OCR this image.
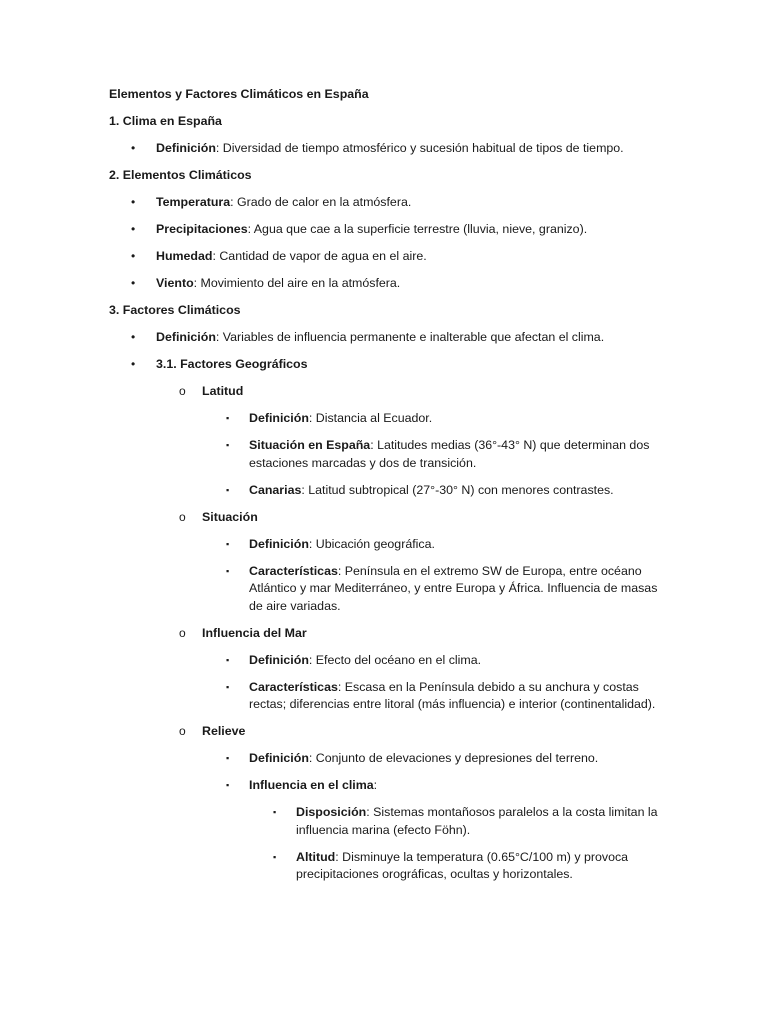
Elementos y Factores Climáticos en España
1. Clima en España
• Definición: Diversidad de tiempo atmosférico y sucesión habitual de tipos de tiempo.
2. Elementos Climáticos
• Temperatura: Grado de calor en la atmósfera.
• Precipitaciones: Agua que cae a la superficie terrestre (lluvia, nieve, granizo).
• Humedad: Cantidad de vapor de agua en el aire.
• Viento: Movimiento del aire en la atmósfera.
3. Factores Climáticos
• Definición: Variables de influencia permanente e inalterable que afectan el clima.
• 3.1. Factores Geográficos
o Latitud
▪ Definición: Distancia al Ecuador.
▪ Situación en España: Latitudes medias (36°-43° N) que determinan dos estaciones marcadas y dos de transición.
▪ Canarias: Latitud subtropical (27°-30° N) con menores contrastes.
o Situación
▪ Definición: Ubicación geográfica.
▪ Características: Península en el extremo SW de Europa, entre océano Atlántico y mar Mediterráneo, y entre Europa y África. Influencia de masas de aire variadas.
o Influencia del Mar
▪ Definición: Efecto del océano en el clima.
▪ Características: Escasa en la Península debido a su anchura y costas rectas; diferencias entre litoral (más influencia) e interior (continentalidad).
o Relieve
▪ Definición: Conjunto de elevaciones y depresiones del terreno.
▪ Influencia en el clima:
▪ Disposición: Sistemas montañosos paralelos a la costa limitan la influencia marina (efecto Föhn).
▪ Altitud: Disminuye la temperatura (0.65°C/100 m) y provoca precipitaciones orográficas, ocultas y horizontales.
